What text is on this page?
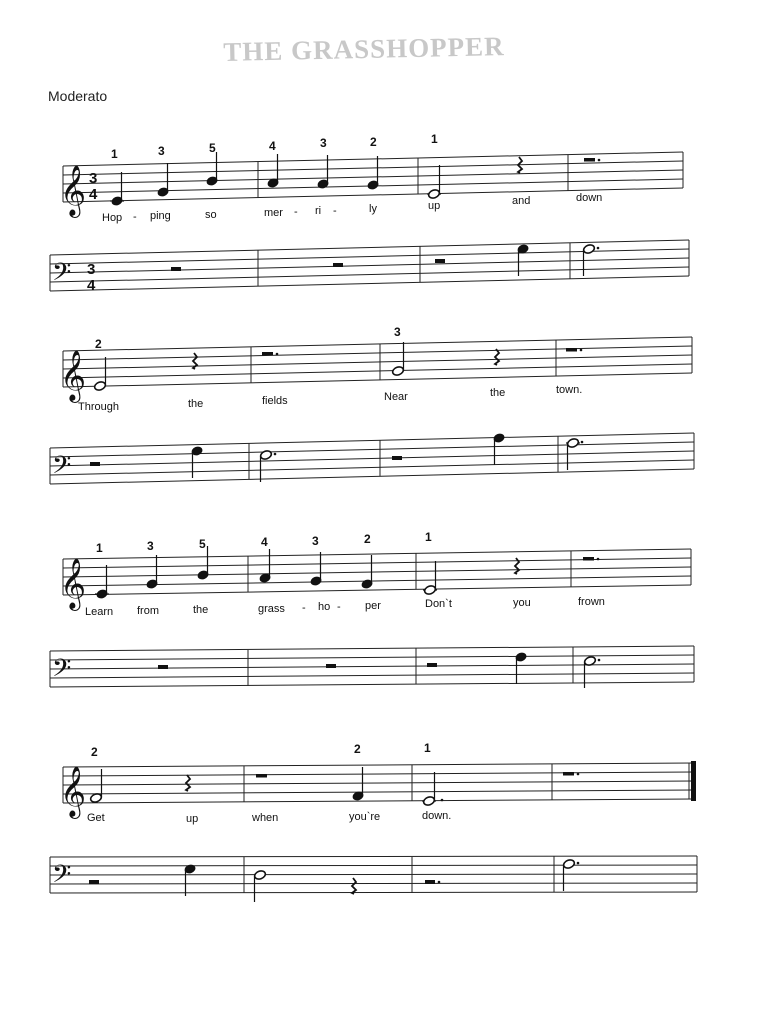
THE GRASSHOPPER
Moderato
1	3	5	4	3	2	1
𝄞 3
4
Hop - ping	so	mer - ri -	ly	up	and	down
𝄢 3
4
2
3
𝄞
Through	the	fields	Near	the	town.
𝄢
1	3	5	4	3	2	1
𝄞
Learn from	the	grass - ho - per	Don`t	you	frown
𝄢
2	2	1
𝄞
Get	up	when	you`re	down.
𝄢
